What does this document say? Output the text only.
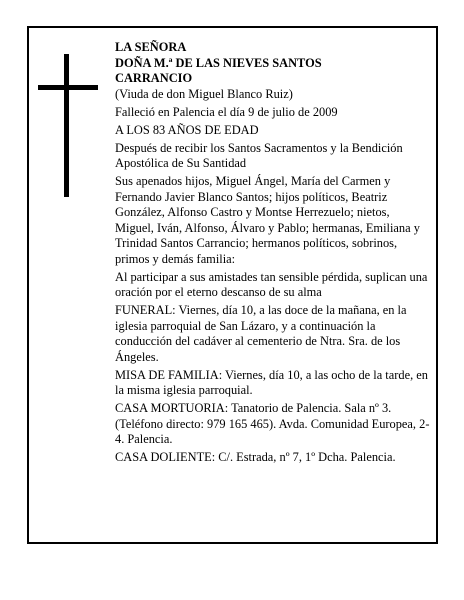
LA SEÑORA

DOÑA M.ª DE LAS NIEVES SANTOS

CARRANCIO

(Viuda de don Miguel Blanco Ruiz)

Falleció en Palencia el día 9 de julio de 2009

A LOS 83 AÑOS DE EDAD

Después de recibir los Santos Sacramentos y la Bendición Apostólica de Su Santidad

Sus apenados hijos, Miguel Ángel, María del Carmen y Fernando Javier Blanco Santos; hijos políticos, Beatriz González, Alfonso Castro y Montse Herrezuelo; nietos, Miguel, Iván, Alfonso, Álvaro y Pablo; hermanas, Emiliana y Trinidad Santos Carrancio; hermanos políticos, sobrinos, primos y demás familia:

Al participar a sus amistades tan sensible pérdida, suplican una oración por el eterno descanso de su alma

FUNERAL: Viernes, día 10, a las doce de la mañana, en la iglesia parroquial de San Lázaro, y a continuación la conducción del cadáver al cementerio de Ntra. Sra. de los Ángeles.

MISA DE FAMILIA: Viernes, día 10, a las ocho de la tarde, en la misma iglesia parroquial.

CASA MORTUORIA: Tanatorio de Palencia. Sala nº 3. (Teléfono directo: 979 165 465). Avda. Comunidad Europea, 2-4. Palencia.

CASA DOLIENTE: C/. Estrada, nº 7, 1º Dcha. Palencia.
